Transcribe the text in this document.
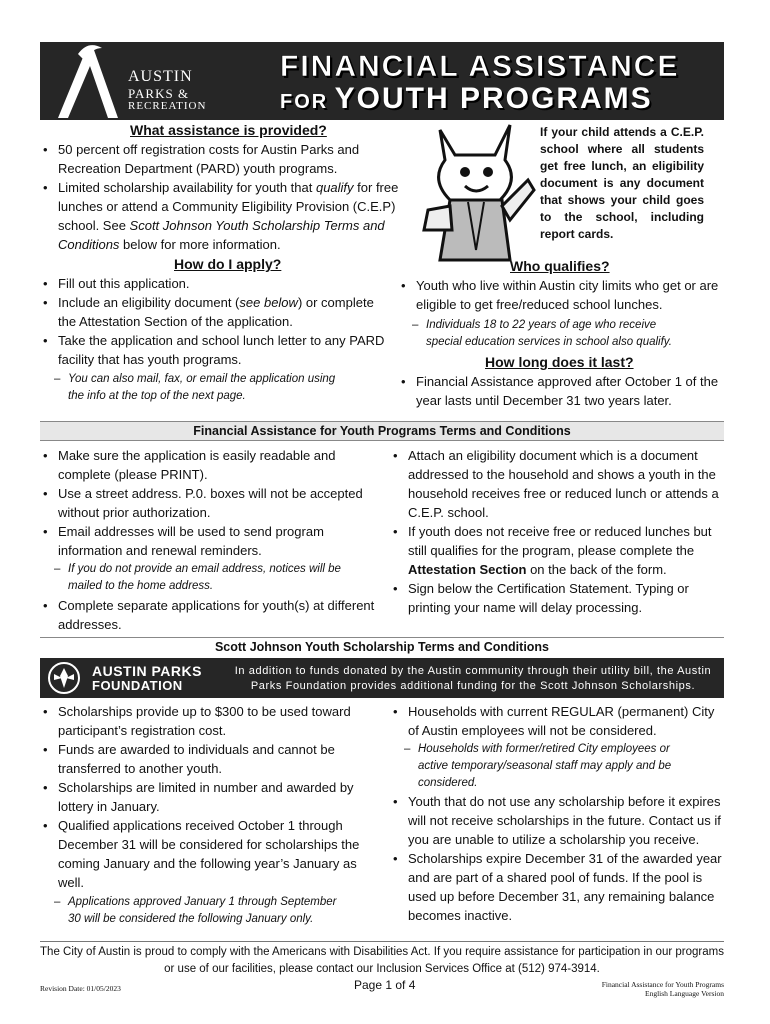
AUSTIN
PARKS &
RECREATION
FINANCIAL ASSISTANCE
FOR YOUTH PROGRAMS
What assistance is provided?
• 50 percent off registration costs for Austin Parks and Recreation Department (PARD) youth programs.
• Limited scholarship availability for youth that qualify for free lunches or attend a Community Eligibility Provision (C.E.P) school. See Scott Johnson Youth Scholarship Terms and Conditions below for more information.
If your child attends a C.E.P. school where all students get free lunch, an eligibility document is any document that shows your child goes to the school, including report cards.
How do I apply?
• Fill out this application.
• Include an eligibility document (see below) or complete the Attestation Section of the application.
• Take the application and school lunch letter to any PARD facility that has youth programs.
– You can also mail, fax, or email the application using
the info at the top of the next page.
Who qualifies?
• Youth who live within Austin city limits who get or are eligible to get free/reduced school lunches.
– Individuals 18 to 22 years of age who receive
special education services in school also qualify.
How long does it last?
• Financial Assistance approved after October 1 of the year lasts until December 31 two years later.
Financial Assistance for Youth Programs Terms and Conditions
• Make sure the application is easily readable and complete (please PRINT).
• Use a street address. P.0. boxes will not be accepted without prior authorization.
• Email addresses will be used to send program information and renewal reminders.
– If you do not provide an email address, notices will be
mailed to the home address.
• Complete separate applications for youth(s) at different addresses.
• Attach an eligibility document which is a document addressed to the household and shows a youth in the household receives free or reduced lunch or attends a C.E.P. school.
• If youth does not receive free or reduced lunches but still qualifies for the program, please complete the Attestation Section on the back of the form.
• Sign below the Certification Statement. Typing or printing your name will delay processing.
Scott Johnson Youth Scholarship Terms and Conditions
AUSTIN PARKS
FOUNDATION
In addition to funds donated by the Austin community through their utility bill, the Austin Parks Foundation provides additional funding for the Scott Johnson Scholarships.
• Scholarships provide up to $300 to be used toward participant’s registration cost.
• Funds are awarded to individuals and cannot be transferred to another youth.
• Scholarships are limited in number and awarded by lottery in January.
• Qualified applications received October 1 through December 31 will be considered for scholarships the coming January and the following year’s January as well.
– Applications approved January 1 through September
30 will be considered the following January only.
• Households with current REGULAR (permanent) City of Austin employees will not be considered.
– Households with former/retired City employees or
active temporary/seasonal staff may apply and be
considered.
• Youth that do not use any scholarship before it expires will not receive scholarships in the future. Contact us if you are unable to utilize a scholarship you receive.
• Scholarships expire December 31 of the awarded year and are part of a shared pool of funds. If the pool is used up before December 31, any remaining balance becomes inactive.
The City of Austin is proud to comply with the Americans with Disabilities Act. If you require assistance for participation in our programs or use of our facilities, please contact our Inclusion Services Office at (512) 974-3914.
Revision Date: 01/05/2023	Page 1 of 4	Financial Assistance for Youth Programs
English Language Version
